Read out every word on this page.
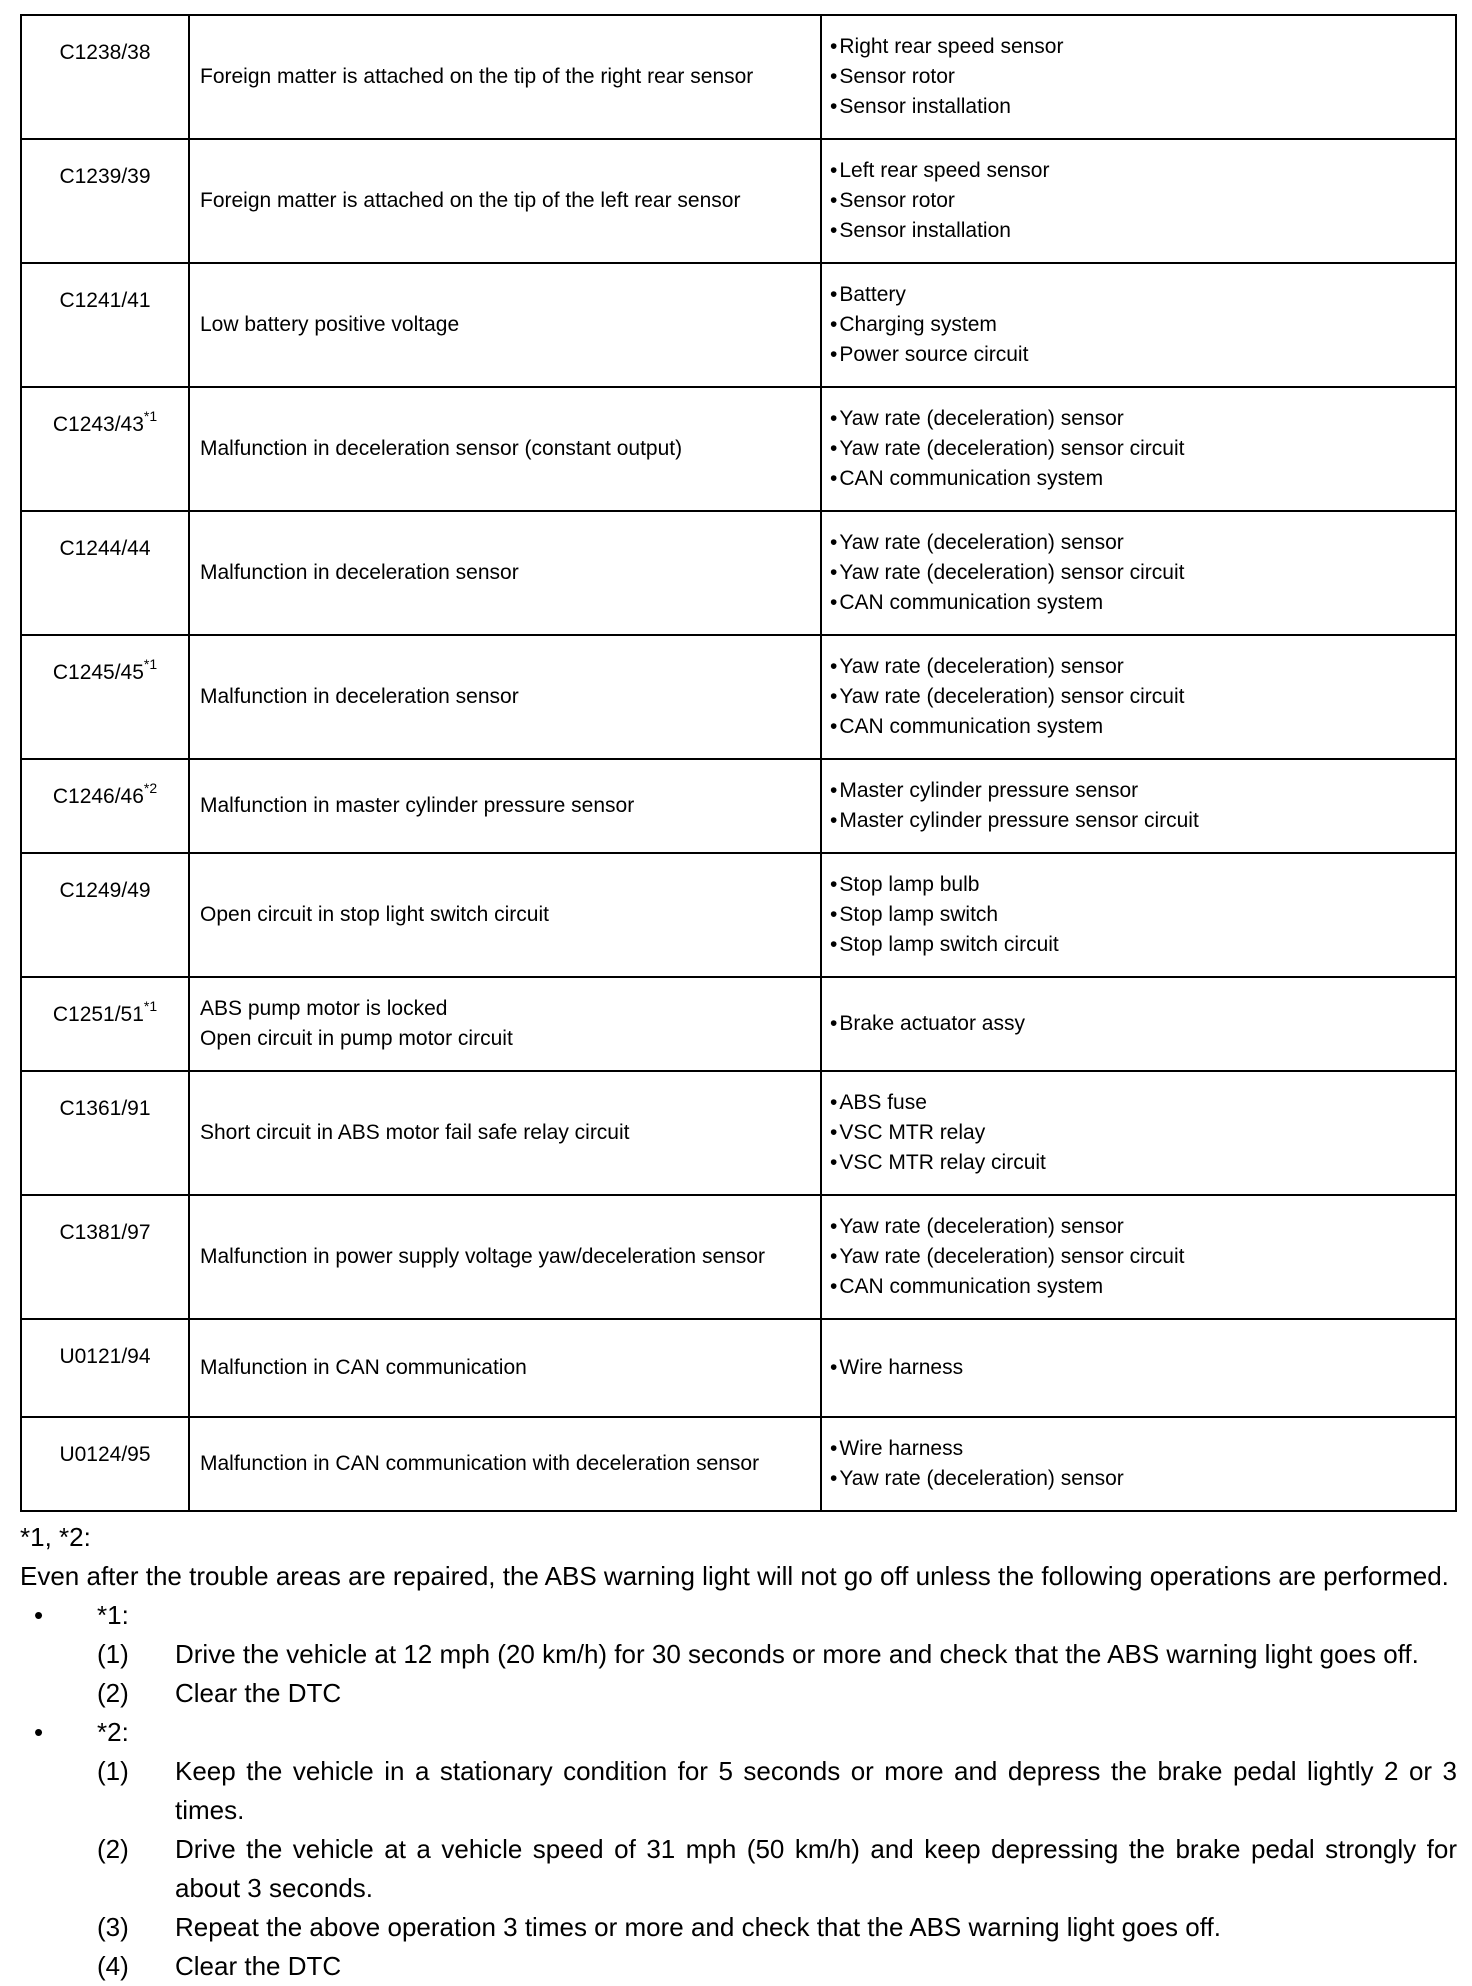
C1238/38	Foreign matter is attached on the tip of the right rear sensor	• Right rear speed sensor
• Sensor rotor
• Sensor installation

C1239/39	Foreign matter is attached on the tip of the left rear sensor	• Left rear speed sensor
• Sensor rotor
• Sensor installation

C1241/41	Low battery positive voltage	• Battery
• Charging system
• Power source circuit

C1243/43$^{*1}$	Malfunction in deceleration sensor (constant output)	• Yaw rate (deceleration) sensor
• Yaw rate (deceleration) sensor circuit
• CAN communication system

C1244/44	Malfunction in deceleration sensor	• Yaw rate (deceleration) sensor
• Yaw rate (deceleration) sensor circuit
• CAN communication system

C1245/45$^{*1}$	Malfunction in deceleration sensor	• Yaw rate (deceleration) sensor
• Yaw rate (deceleration) sensor circuit
• CAN communication system

C1246/46$^{*2}$	Malfunction in master cylinder pressure sensor	• Master cylinder pressure sensor
• Master cylinder pressure sensor circuit

C1249/49	Open circuit in stop light switch circuit	• Stop lamp bulb
• Stop lamp switch
• Stop lamp switch circuit

C1251/51$^{*1}$	ABS pump motor is locked
Open circuit in pump motor circuit	• Brake actuator assy

C1361/91	Short circuit in ABS motor fail safe relay circuit	• ABS fuse
• VSC MTR relay
• VSC MTR relay circuit

C1381/97	Malfunction in power supply voltage yaw/deceleration sensor	• Yaw rate (deceleration) sensor
• Yaw rate (deceleration) sensor circuit
• CAN communication system

U0121/94	Malfunction in CAN communication	• Wire harness

U0124/95	Malfunction in CAN communication with deceleration sensor	• Wire harness
• Yaw rate (deceleration) sensor
*1, *2:
Even after the trouble areas are repaired, the ABS warning light will not go off unless the following operations are performed.
• *1:
(1) Drive the vehicle at 12 mph (20 km/h) for 30 seconds or more and check that the ABS warning light goes off.
(2) Clear the DTC
• *2:
(1) Keep the vehicle in a stationary condition for 5 seconds or more and depress the brake pedal lightly 2 or 3 times.
(2) Drive the vehicle at a vehicle speed of 31 mph (50 km/h) and keep depressing the brake pedal strongly for about 3 seconds.
(3) Repeat the above operation 3 times or more and check that the ABS warning light goes off.
(4) Clear the DTC
